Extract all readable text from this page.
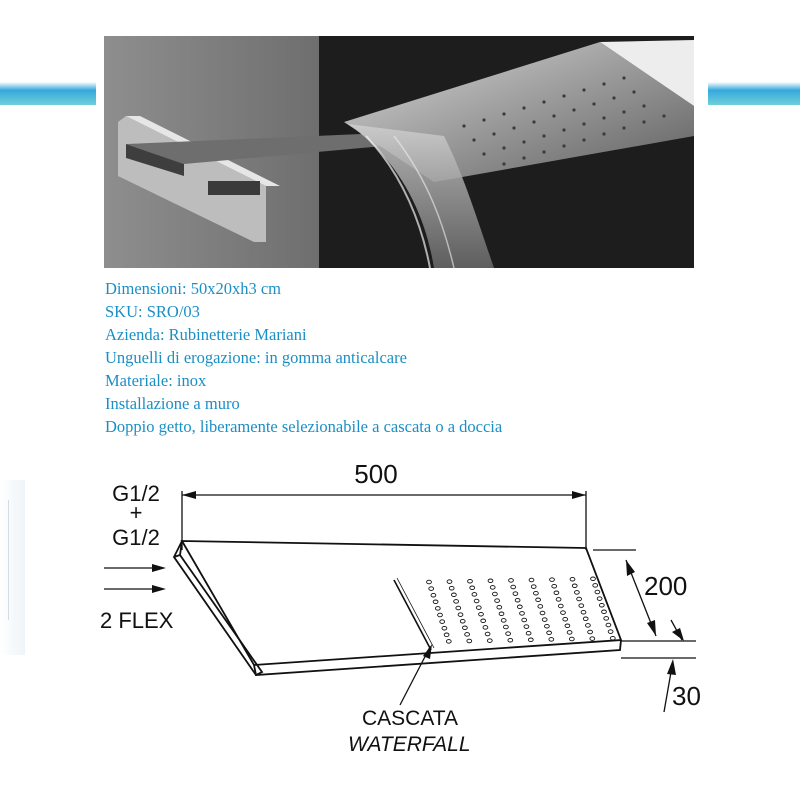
Dimensioni: 50x20xh3 cm
SKU: SRO/03
Azienda: Rubinetterie Mariani
Unguelli di erogazione: in gomma anticalcare
Materiale: inox
Installazione a muro
Doppio getto, liberamente selezionabile a cascata o a doccia
500
G1/2
+
G1/2
2 FLEX
200
30
CASCATA
WATERFALL
